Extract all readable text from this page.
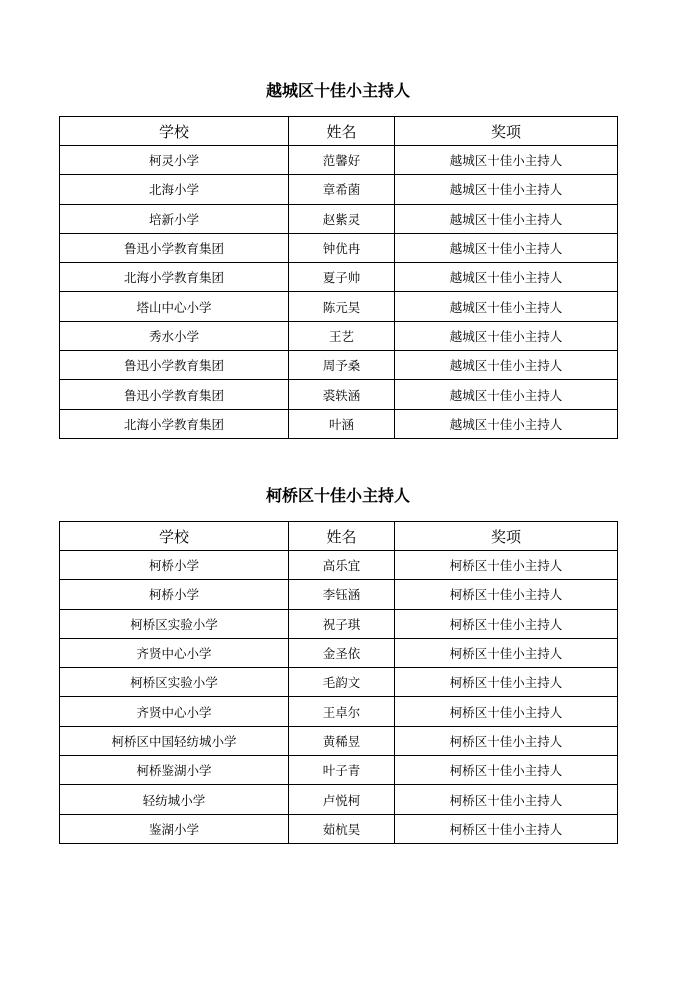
越城区十佳小主持人
学校	姓名	奖项
柯灵小学	范馨好	越城区十佳小主持人
北海小学	章希菌	越城区十佳小主持人
培新小学	赵紫灵	越城区十佳小主持人
鲁迅小学教育集团	钟优冉	越城区十佳小主持人
北海小学教育集团	夏子帅	越城区十佳小主持人
塔山中心小学	陈元昊	越城区十佳小主持人
秀水小学	王艺	越城区十佳小主持人
鲁迅小学教育集团	周予桑	越城区十佳小主持人
鲁迅小学教育集团	裘轶涵	越城区十佳小主持人
北海小学教育集团	叶涵	越城区十佳小主持人
柯桥区十佳小主持人
学校	姓名	奖项
柯桥小学	高乐宜	柯桥区十佳小主持人
柯桥小学	李钰涵	柯桥区十佳小主持人
柯桥区实验小学	祝子琪	柯桥区十佳小主持人
齐贤中心小学	金圣依	柯桥区十佳小主持人
柯桥区实验小学	毛韵文	柯桥区十佳小主持人
齐贤中心小学	王卓尔	柯桥区十佳小主持人
柯桥区中国轻纺城小学	黄稀昱	柯桥区十佳小主持人
柯桥鉴湖小学	叶子青	柯桥区十佳小主持人
轻纺城小学	卢悦柯	柯桥区十佳小主持人
鉴湖小学	茹杭昊	柯桥区十佳小主持人
